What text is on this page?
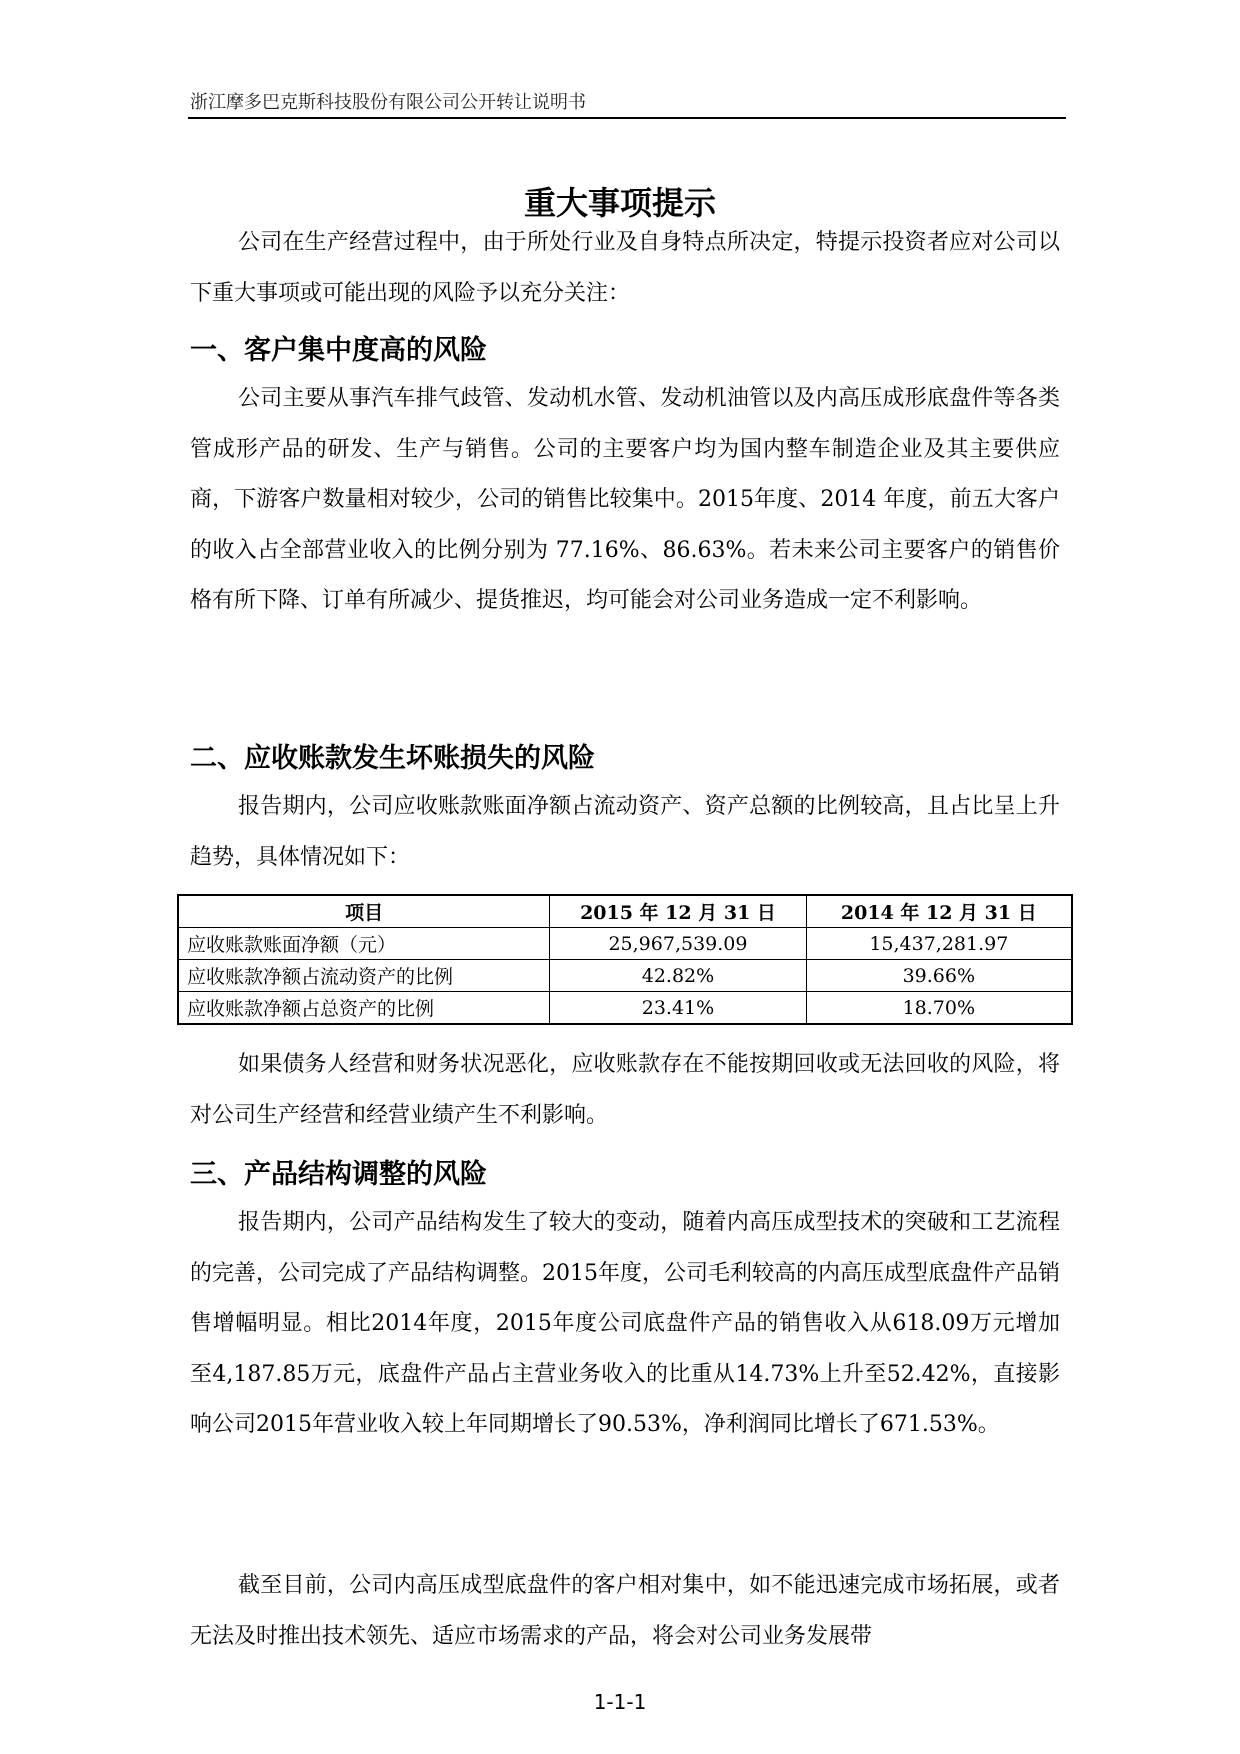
浙江摩多巴克斯科技股份有限公司公开转让说明书
重大事项提示

公司在生产经营过程中，由于所处行业及自身特点所决定，特提示投资者应对公司以下重大事项或可能出现的风险予以充分关注：

一、客户集中度高的风险

公司主要从事汽车排气歧管、发动机水管、发动机油管以及内高压成形底盘件等各类管成形产品的研发、生产与销售。公司的主要客户均为国内整车制造企业及其主要供应商，下游客户数量相对较少，公司的销售比较集中。2015年度、2014 年度，前五大客户的收入占全部营业收入的比例分别为 77.16%、86.63%。若未来公司主要客户的销售价格有所下降、订单有所减少、提货推迟，均可能会对公司业务造成一定不利影响。

二、应收账款发生坏账损失的风险

报告期内，公司应收账款账面净额占流动资产、资产总额的比例较高，且占比呈上升趋势，具体情况如下：

项目	2015 年 12 月 31 日	2014 年 12 月 31 日
应收账款账面净额（元）	25,967,539.09	15,437,281.97
应收账款净额占流动资产的比例	42.82%	39.66%
应收账款净额占总资产的比例	23.41%	18.70%

如果债务人经营和财务状况恶化，应收账款存在不能按期回收或无法回收的风险，将对公司生产经营和经营业绩产生不利影响。

三、产品结构调整的风险

报告期内，公司产品结构发生了较大的变动，随着内高压成型技术的突破和工艺流程的完善，公司完成了产品结构调整。2015年度，公司毛利较高的内高压成型底盘件产品销售增幅明显。相比2014年度，2015年度公司底盘件产品的销售收入从618.09万元增加至4,187.85万元，底盘件产品占主营业务收入的比重从14.73%上升至52.42%，直接影响公司2015年营业收入较上年同期增长了90.53%，净利润同比增长了671.53%。

截至目前，公司内高压成型底盘件的客户相对集中，如不能迅速完成市场拓展，或者无法及时推出技术领先、适应市场需求的产品，将会对公司业务发展带

1-1-1
